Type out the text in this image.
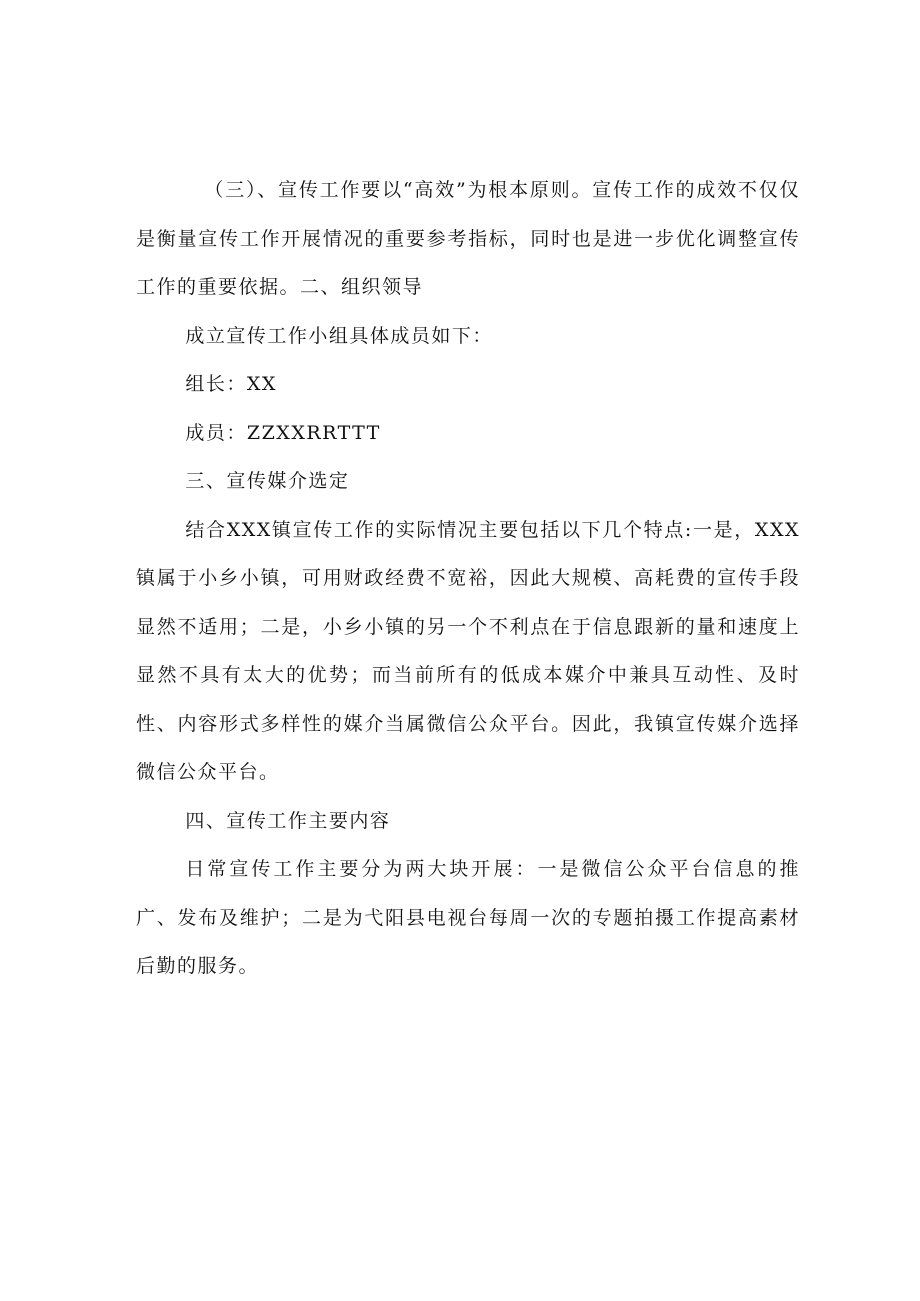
（三）、宣传工作要以“高效”为根本原则。宣传工作的成效不仅仅是衡量宣传工作开展情况的重要参考指标，同时也是进一步优化调整宣传工作的重要依据。二、组织领导

成立宣传工作小组具体成员如下：

组长：XX

成员：ZZXXRRTTT

三、宣传媒介选定

结合XXX镇宣传工作的实际情况主要包括以下几个特点:一是，XXX镇属于小乡小镇，可用财政经费不宽裕，因此大规模、高耗费的宣传手段显然不适用；二是，小乡小镇的另一个不利点在于信息跟新的量和速度上显然不具有太大的优势；而当前所有的低成本媒介中兼具互动性、及时性、内容形式多样性的媒介当属微信公众平台。因此，我镇宣传媒介选择微信公众平台。

四、宣传工作主要内容

日常宣传工作主要分为两大块开展：一是微信公众平台信息的推广、发布及维护；二是为弋阳县电视台每周一次的专题拍摄工作提高素材后勤的服务。
